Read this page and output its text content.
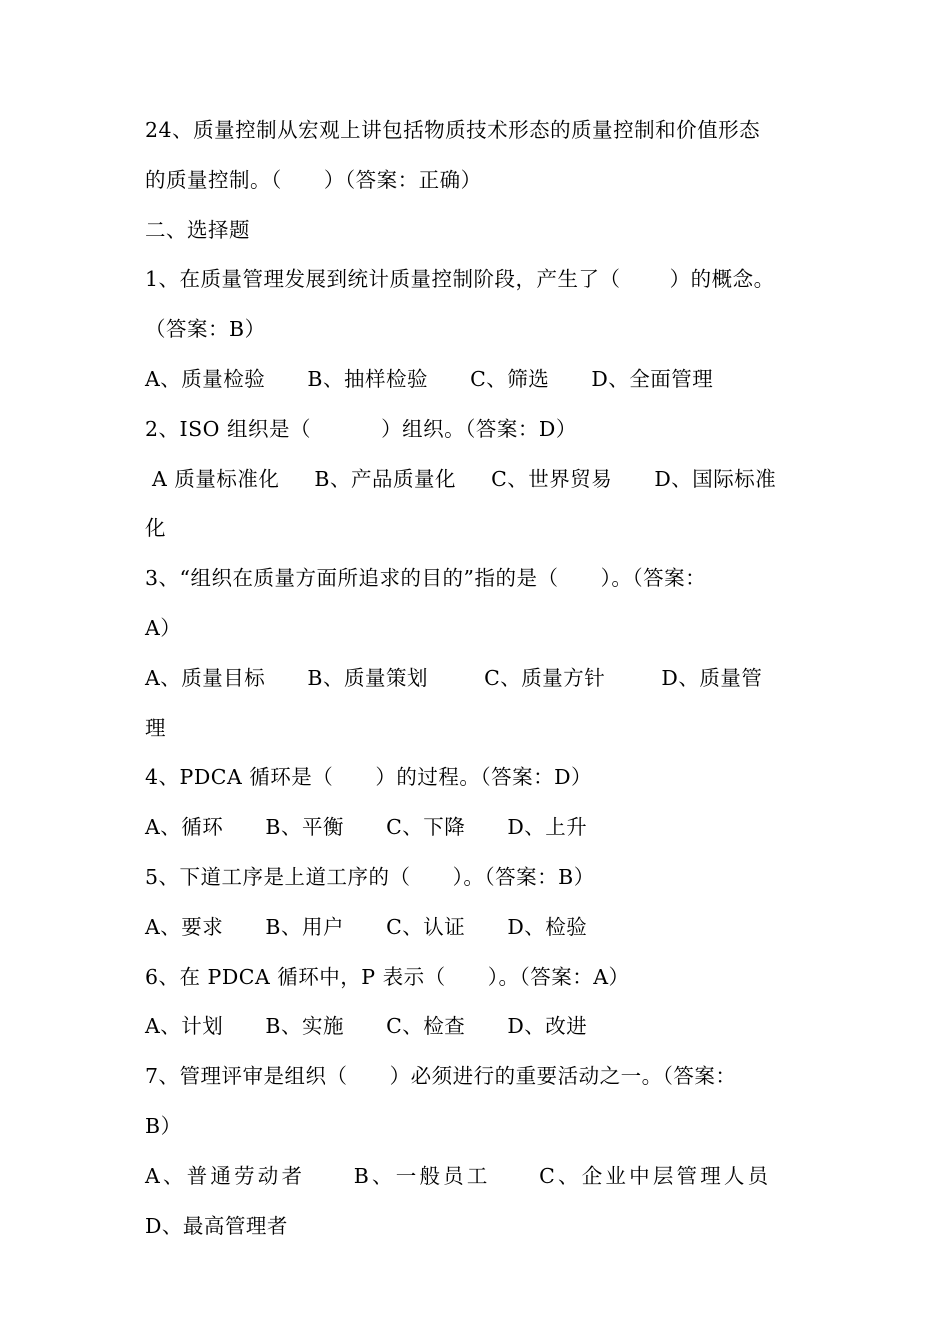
24、质量控制从宏观上讲包括物质技术形态的质量控制和价值形态
的质量控制。（      ）（答案：正确）
二、选择题
1、在质量管理发展到统计质量控制阶段，产生了（       ）的概念。
（答案：B）
A、质量检验      B、抽样检验      C、筛选      D、全面管理
2、ISO 组织是（          ）组织。（答案：D）
A 质量标准化     B、产品质量化     C、世界贸易      D、国际标准
化
3、“组织在质量方面所追求的目的”指的是（      ）。（答案：
A）
A、质量目标      B、质量策划        C、质量方针        D、质量管
理
4、PDCA 循环是（      ）的过程。（答案：D）
A、循环      B、平衡      C、下降      D、上升
5、下道工序是上道工序的（      ）。（答案：B）
A、要求      B、用户      C、认证      D、检验
6、在 PDCA 循环中，P 表示（      ）。（答案：A）
A、计划      B、实施      C、检查      D、改进
7、管理评审是组织（      ）必须进行的重要活动之一。（答案：
B）
A、普通劳动者     B、一般员工     C、企业中层管理人员
D、最高管理者
